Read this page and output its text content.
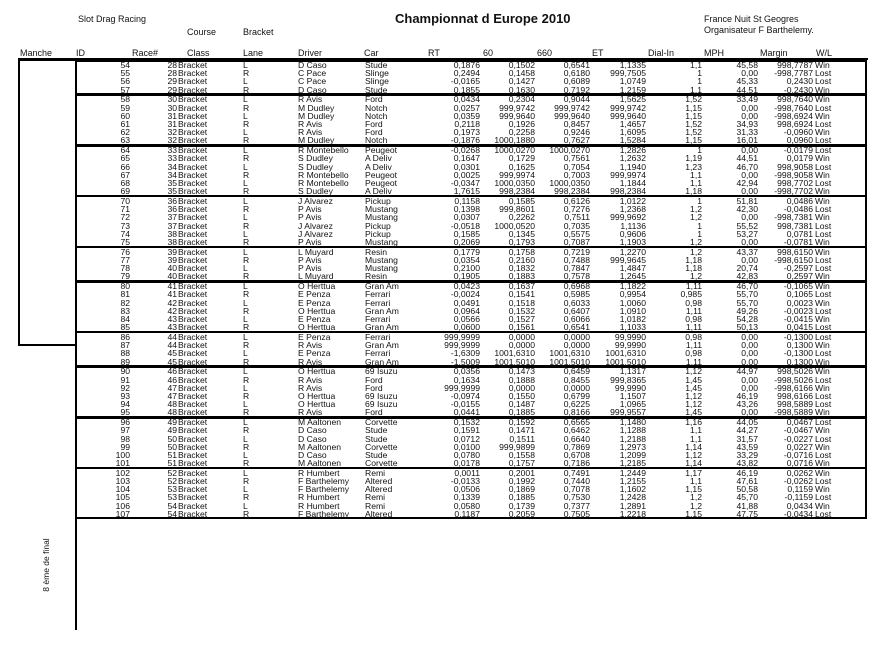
Slot Drag Racing
Course	Bracket
Championnat d Europe 2010	France Nuit St Geogres
Organisateur F Barthelemy.
Manche	ID	Race#	Class	Lane	Driver	Car	RT	60	660	ET	Dial-In	MPH	Margin	W/L
8 ème de final
54	28 Bracket	L	D Caso	Stude	0,1876	0,1502	0,6541	1,1335	1,1	45,58 998,7787 Win
55	28 Bracket	R	C Pace	Slinge	0,2494	0,1458	0,6180 999,7505	1	0,00 -998,7787 Lost
56	29 Bracket	L	C Pace	Slinge	-0,0165	0,1427	0,6089	1,0749	1	45,33	0,2430 Lost
57	29 Bracket	R	D Caso	Stude	0,1855	0,1630	0,7192	1,2159	1,1	44,51	-0,2430 Win
58	30 Bracket	L	R Avis	Ford	0,0434	0,2304	0,9044	1,5625	1,52	33,49 998,7640 Win
59	30 Bracket	R	M Dudley	Notch	0,0257 999,9742 999,9742 999,9742	1,15	0,00 -998,7640 Lost
60	31 Bracket	L	M Dudley	Notch	0,0359 999,9640 999,9640 999,9640	1,15	0,00 -998,6924 Win
61	31 Bracket	R	R Avis	Ford	0,2118	0,1926	0,8457	1,4657	1,52	34,93 998,6924 Lost
62	32 Bracket	L	R Avis	Ford	0,1973	0,2258	0,9246	1,6095	1,52	31,33	-0,0960 Win
63	32 Bracket	R	M Dudley	Notch	-0,1876 1000,1880	0,7627	1,5284	1,15	16,01	0,0960 Lost
64	33 Bracket	L	R Montebello Peugeot	-0,0268 1000,0270 1000,0270	1,2826	1	0,00	-0,0179 Lost
65	33 Bracket	R	S Dudley	A Deliv	0,1647	0,1729	0,7561	1,2632	1,19	44,51	0,0179 Win
66	34 Bracket	L	S Dudley	A Deliv	0,0301	0,1625	0,7054	1,1940	1,23	46,70 998,9058 Lost
67	34 Bracket	R	R Montebello Peugeot	0,0025 999,9974	0,7003 999,9974	1,1	0,00 -998,9058 Win
68	35 Bracket	L	R Montebello Peugeot	-0,0347 1000,0350 1000,0350	1,1844	1,1	42,94 998,7702 Lost
69	35 Bracket	R	S Dudley	A Deliv	1,7615 998,2384 998,2384 998,2384	1,18	0,00 -998,7702 Win
70	36 Bracket	L	J Alvarez	Pickup	0,1158	0,1585	0,6126	1,0122	1	51,81	0,0486 Win
71	36 Bracket	R	P Avis	Mustang	0,1398 999,8601	0,7276	1,2368	1,2	42,30	-0,0486 Lost
72	37 Bracket	L	P Avis	Mustang	0,0307	0,2262	0,7511 999,9692	1,2	0,00 -998,7381 Win
73	37 Bracket	R	J Alvarez	Pickup	-0,0518 1000,0520	0,7035	1,1136	1	55,52 998,7381 Lost
74	38 Bracket	L	J Alvarez	Pickup	0,1585	0,1345	0,5575	0,9606	1	53,27	0,0781 Lost
75	38 Bracket	R	P Avis	Mustang	0,2069	0,1793	0,7087	1,1903	1,2	0,00	-0,0781 Win
76	39 Bracket	L	L Muyard	Resin	0,1779	0,1758	0,7219	1,2270	1,2	43,37 998,6150 Win
77	39 Bracket	R	P Avis	Mustang	0,0354	0,2160	0,7488 999,9645	1,18	0,00 -998,6150 Lost
78	40 Bracket	L	P Avis	Mustang	0,2100	0,1832	0,7847	1,4847	1,18	20,74	-0,2597 Lost
79	40 Bracket	R	L Muyard	Resin	0,1905	0,1883	0,7578	1,2645	1,2	42,83	0,2597 Win
80	41 Bracket	L	O Herttua	Gran Am	0,0423	0,1637	0,6968	1,1822	1,11	46,70	-0,1065 Win
81	41 Bracket	R	E Penza	Ferrari	-0,0024	0,1541	0,5985	0,9954	0,985	55,70	0,1065 Lost
82	42 Bracket	L	E Penza	Ferrari	0,0491	0,1518	0,6033	1,0060	0,98	55,70	0,0023 Win
83	42 Bracket	R	O Herttua	Gran Am	0,0964	0,1532	0,6407	1,0910	1,11	49,26	-0,0023 Lost
84	43 Bracket	L	E Penza	Ferrari	0,0566	0,1527	0,6066	1,0182	0,98	54,28	-0,0415 Win
85	43 Bracket	R	O Herttua	Gran Am	0,0600	0,1561	0,6541	1,1033	1,11	50,13	0,0415 Lost
86	44 Bracket	L	E Penza	Ferrari	999,9999	0,0000	0,0000	99,9990	0,98	0,00	-0,1300 Lost
87	44 Bracket	R	R Avis	Gran Am	999,9999	0,0000	0,0000	99,9990	1,11	0,00	0,1300 Win
88	45 Bracket	L	E Penza	Ferrari	-1,6309 1001,6310 1001,6310 1001,6310	0,98	0,00	-0,1300 Lost
89	45 Bracket	R	R Avis	Gran Am	-1,5009 1001,5010 1001,5010 1001,5010	1,11	0,00	0,1300 Win
90	46 Bracket	L	O Herttua	69 Isuzu	0,0356	0,1473	0,6459	1,1317	1,12	44,97 998,5026 Win
91	46 Bracket	R	R Avis	Ford	0,1634	0,1888	0,8455 999,8365	1,45	0,00 -998,5026 Lost
92	47 Bracket	L	R Avis	Ford	999,9999	0,0000	0,0000	99,9990	1,45	0,00 -998,6166 Win
93	47 Bracket	R	O Herttua	69 Isuzu	-0,0974	0,1550	0,6799	1,1507	1,12	46,19 998,6166 Lost
94	48 Bracket	L	O Herttua	69 Isuzu	-0,0155	0,1487	0,6225	1,0965	1,12	43,26 998,5889 Lost
95	48 Bracket	R	R Avis	Ford	0,0441	0,1885	0,8166 999,9557	1,45	0,00 -998,5889 Win
96	49 Bracket	L	M Aaltonen	Corvette	0,1532	0,1592	0,6565	1,1480	1,16	44,05	0,0467 Lost
97	49 Bracket	R	D Caso	Stude	0,1591	0,1471	0,6462	1,1288	1,1	44,27	-0,0467 Win
98	50 Bracket	L	D Caso	Stude	0,0712	0,1511	0,6640	1,2188	1,1	31,57	-0,0227 Lost
99	50 Bracket	R	M Aaltonen	Corvette	0,0100 999,9899	0,7869	1,2973	1,14	43,59	0,0227 Win
100	51 Bracket	L	D Caso	Stude	0,0780	0,1558	0,6708	1,2099	1,12	33,29	-0,0716 Lost
101	51 Bracket	R	M Aaltonen	Corvette	0,0178	0,1757	0,7186	1,2185	1,14	43,82	0,0716 Win
102	52 Bracket	L	R Humbert	Remi	0,0011	0,2001	0,7491	1,2449	1,17	46,19	0,0262 Win
103	52 Bracket	R	F Barthelemy Altered	-0,0133	0,1992	0,7440	1,2155	1,1	47,61	-0,0262 Lost
104	53 Bracket	L	F Barthelemy Altered	0,0506	0,1869	0,7078	1,1602	1,15	50,58	0,1159 Win
105	53 Bracket	R	R Humbert	Remi	0,1339	0,1885	0,7530	1,2428	1,2	45,70	-0,1159 Lost
106	54 Bracket	L	R Humbert	Remi	0,0580	0,1739	0,7377	1,2891	1,2	41,88	0,0434 Win
107	54 Bracket	R	F Barthelemy Altered	0,1187	0,2059	0,7505	1,2218	1,15	47,75	-0,0434 Lost
